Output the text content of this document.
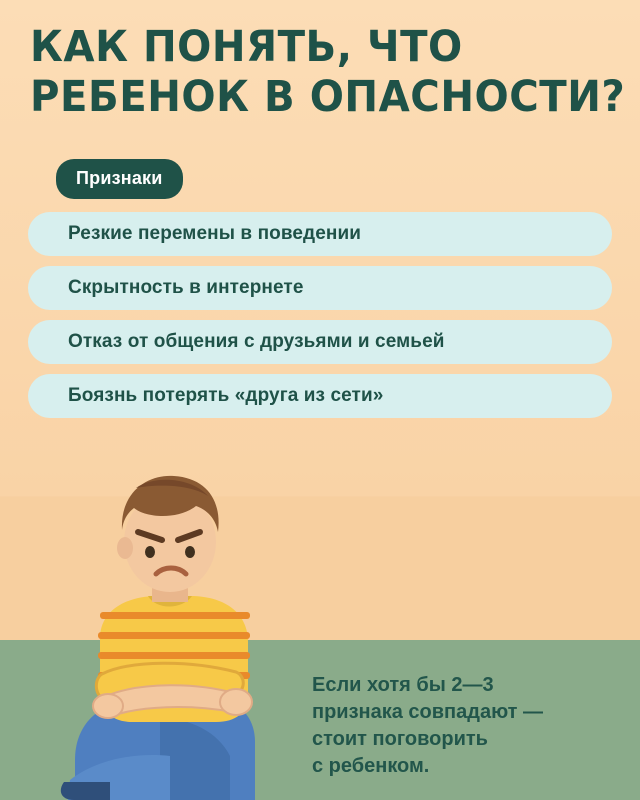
КАК ПОНЯТЬ, ЧТО
РЕБЕНОК В ОПАСНОСТИ?
Признаки
Резкие перемены в поведении
Скрытность в интернете
Отказ от общения с друзьями и семьей
Боязнь потерять «друга из сети»
Если хотя бы 2—3
признака совпадают —
стоит поговорить
с ребенком.
